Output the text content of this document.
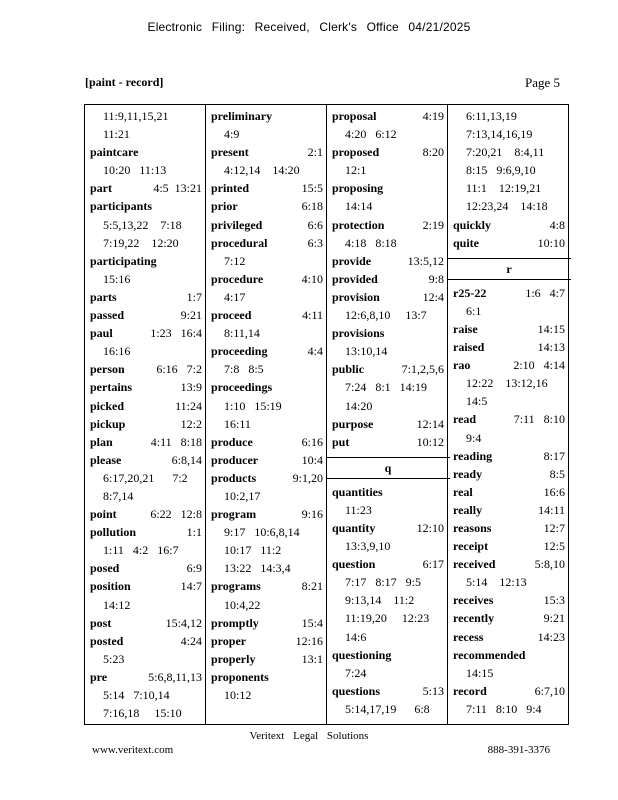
Electronic Filing: Received, Clerk's Office 04/21/2025
[paint - record]	Page 5
11:9,11,15,21
11:21
paintcare
10:20   11:13
part	4:5  13:21
participants
5:5,13,22    7:18
7:19,22    12:20
participating
15:16
parts	1:7
passed	9:21
paul	1:23   16:4
16:16
person	6:16   7:2
pertains	13:9
picked	11:24
pickup	12:2
plan	4:11   8:18
please	6:8,14
6:17,20,21      7:2
8:7,14
point	6:22   12:8
pollution	1:1
1:11   4:2   16:7
posed	6:9
position	14:7
14:12
post	15:4,12
posted	4:24
5:23
pre	5:6,8,11,13
5:14   7:10,14
7:16,18     15:10
preliminary
4:9
present	2:1
4:12,14    14:20
printed	15:5
prior	6:18
privileged	6:6
procedural	6:3
7:12
procedure	4:10
4:17
proceed	4:11
8:11,14
proceeding	4:4
7:8   8:5
proceedings
1:10   15:19
16:11
produce	6:16
producer	10:4
products	9:1,20
10:2,17
program	9:16
9:17   10:6,8,14
10:17   11:2
13:22   14:3,4
programs	8:21
10:4,22
promptly	15:4
proper	12:16
properly	13:1
proponents
10:12
proposal	4:19
4:20   6:12
proposed	8:20
12:1
proposing
14:14
protection	2:19
4:18   8:18
provide	13:5,12
provided	9:8
provision	12:4
12:6,8,10     13:7
provisions
13:10,14
public	7:1,2,5,6
7:24   8:1   14:19
14:20
purpose	12:14
put	10:12
q
quantities
11:23
quantity	12:10
13:3,9,10
question	6:17
7:17   8:17   9:5
9:13,14    11:2
11:19,20     12:23
14:6
questioning
7:24
questions	5:13
5:14,17,19      6:8
6:11,13,19
7:13,14,16,19
7:20,21    8:4,11
8:15   9:6,9,10
11:1    12:19,21
12:23,24    14:18
quickly	4:8
quite	10:10
r
r25-22	1:6   4:7
6:1
raise	14:15
raised	14:13
rao	2:10   4:14
12:22    13:12,16
14:5
read	7:11   8:10
9:4
reading	8:17
ready	8:5
real	16:6
really	14:11
reasons	12:7
receipt	12:5
received	5:8,10
5:14    12:13
receives	15:3
recently	9:21
recess	14:23
recommended
14:15
record	6:7,10
7:11   8:10   9:4
Veritext Legal Solutions
www.veritext.com	888-391-3376
